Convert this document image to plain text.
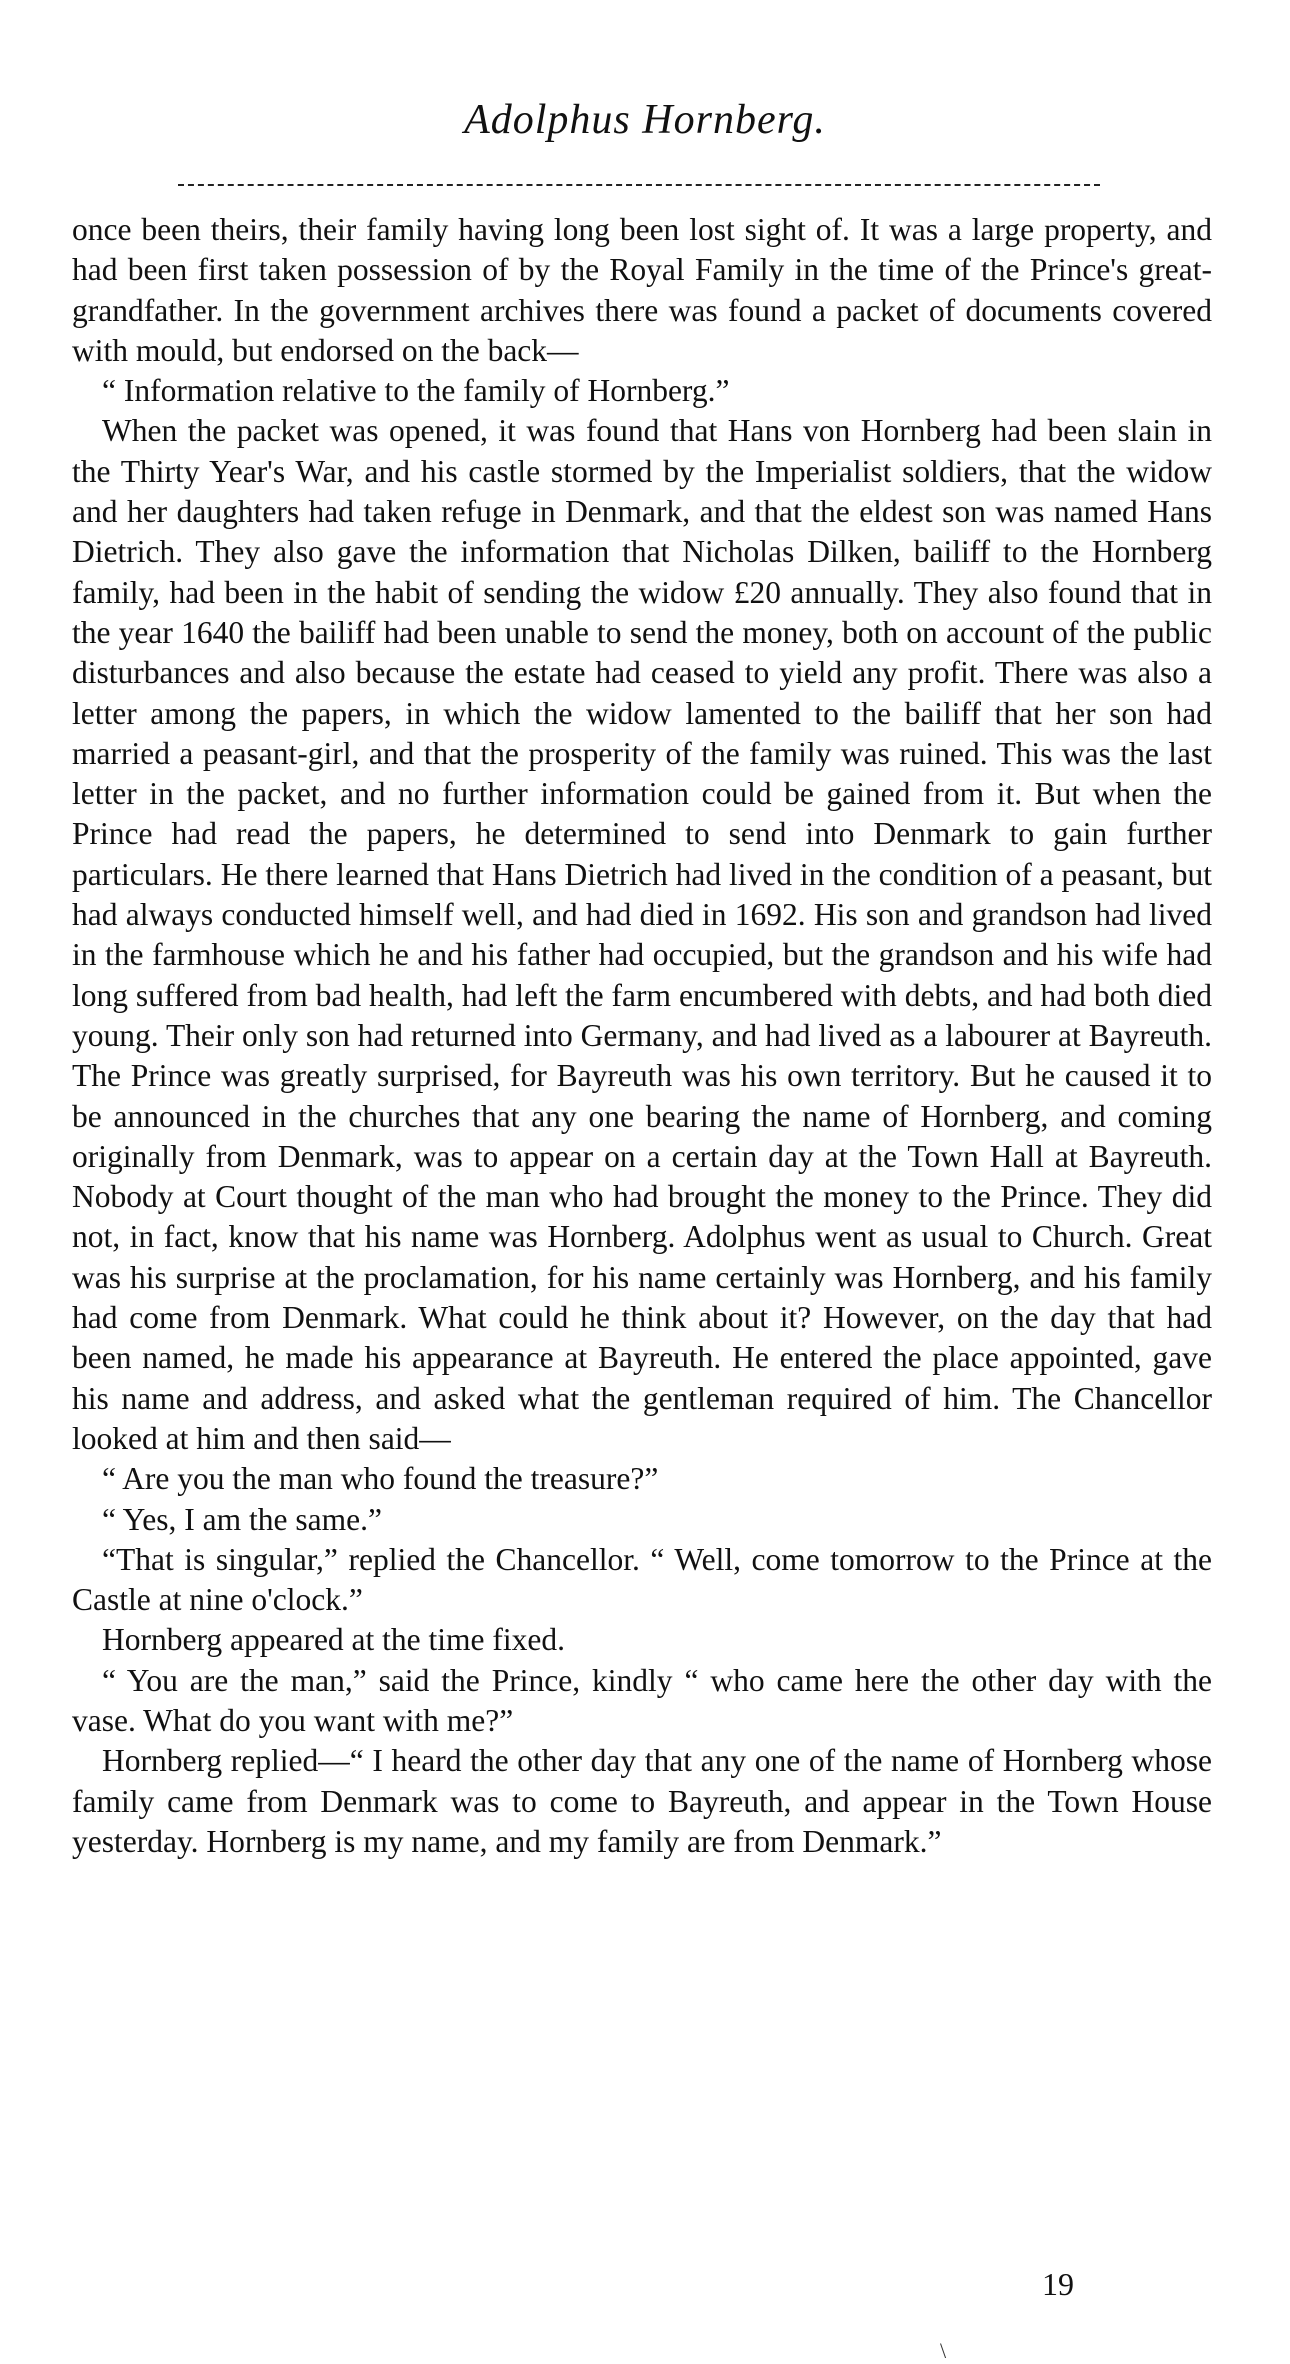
Adolphus Hornberg.

once been theirs, their family having long been lost sight of. It was a large property, and had been first taken possession of by the Royal Family in the time of the Prince's great-grandfather. In the government archives there was found a packet of documents covered with mould, but endorsed on the back—

“ Information relative to the family of Hornberg.”

When the packet was opened, it was found that Hans von Hornberg had been slain in the Thirty Year's War, and his castle stormed by the Imperialist soldiers, that the widow and her daughters had taken refuge in Denmark, and that the eldest son was named Hans Dietrich. They also gave the information that Nicholas Dilken, bailiff to the Hornberg family, had been in the habit of sending the widow £20 annually. They also found that in the year 1640 the bailiff had been unable to send the money, both on account of the public disturbances and also because the estate had ceased to yield any profit. There was also a letter among the papers, in which the widow lamented to the bailiff that her son had married a peasant-girl, and that the prosperity of the family was ruined. This was the last letter in the packet, and no further information could be gained from it. But when the Prince had read the papers, he determined to send into Denmark to gain further particulars. He there learned that Hans Dietrich had lived in the condition of a peasant, but had always conducted himself well, and had died in 1692. His son and grandson had lived in the farmhouse which he and his father had occupied, but the grandson and his wife had long suffered from bad health, had left the farm encumbered with debts, and had both died young. Their only son had returned into Germany, and had lived as a labourer at Bayreuth. The Prince was greatly surprised, for Bayreuth was his own territory. But he caused it to be announced in the churches that any one bearing the name of Hornberg, and coming originally from Denmark, was to appear on a certain day at the Town Hall at Bayreuth. Nobody at Court thought of the man who had brought the money to the Prince. They did not, in fact, know that his name was Hornberg. Adolphus went as usual to Church. Great was his surprise at the proclamation, for his name certainly was Hornberg, and his family had come from Denmark. What could he think about it? However, on the day that had been named, he made his appearance at Bayreuth. He entered the place appointed, gave his name and address, and asked what the gentleman required of him. The Chancellor looked at him and then said—

“ Are you the man who found the treasure?”

“ Yes, I am the same.”

“That is singular,” replied the Chancellor. “ Well, come tomorrow to the Prince at the Castle at nine o'clock.”

Hornberg appeared at the time fixed.

“ You are the man,” said the Prince, kindly “ who came here the other day with the vase. What do you want with me?”

Hornberg replied—“ I heard the other day that any one of the name of Hornberg whose family came from Denmark was to come to Bayreuth, and appear in the Town House yesterday. Hornberg is my name, and my family are from Denmark.”

19
\
